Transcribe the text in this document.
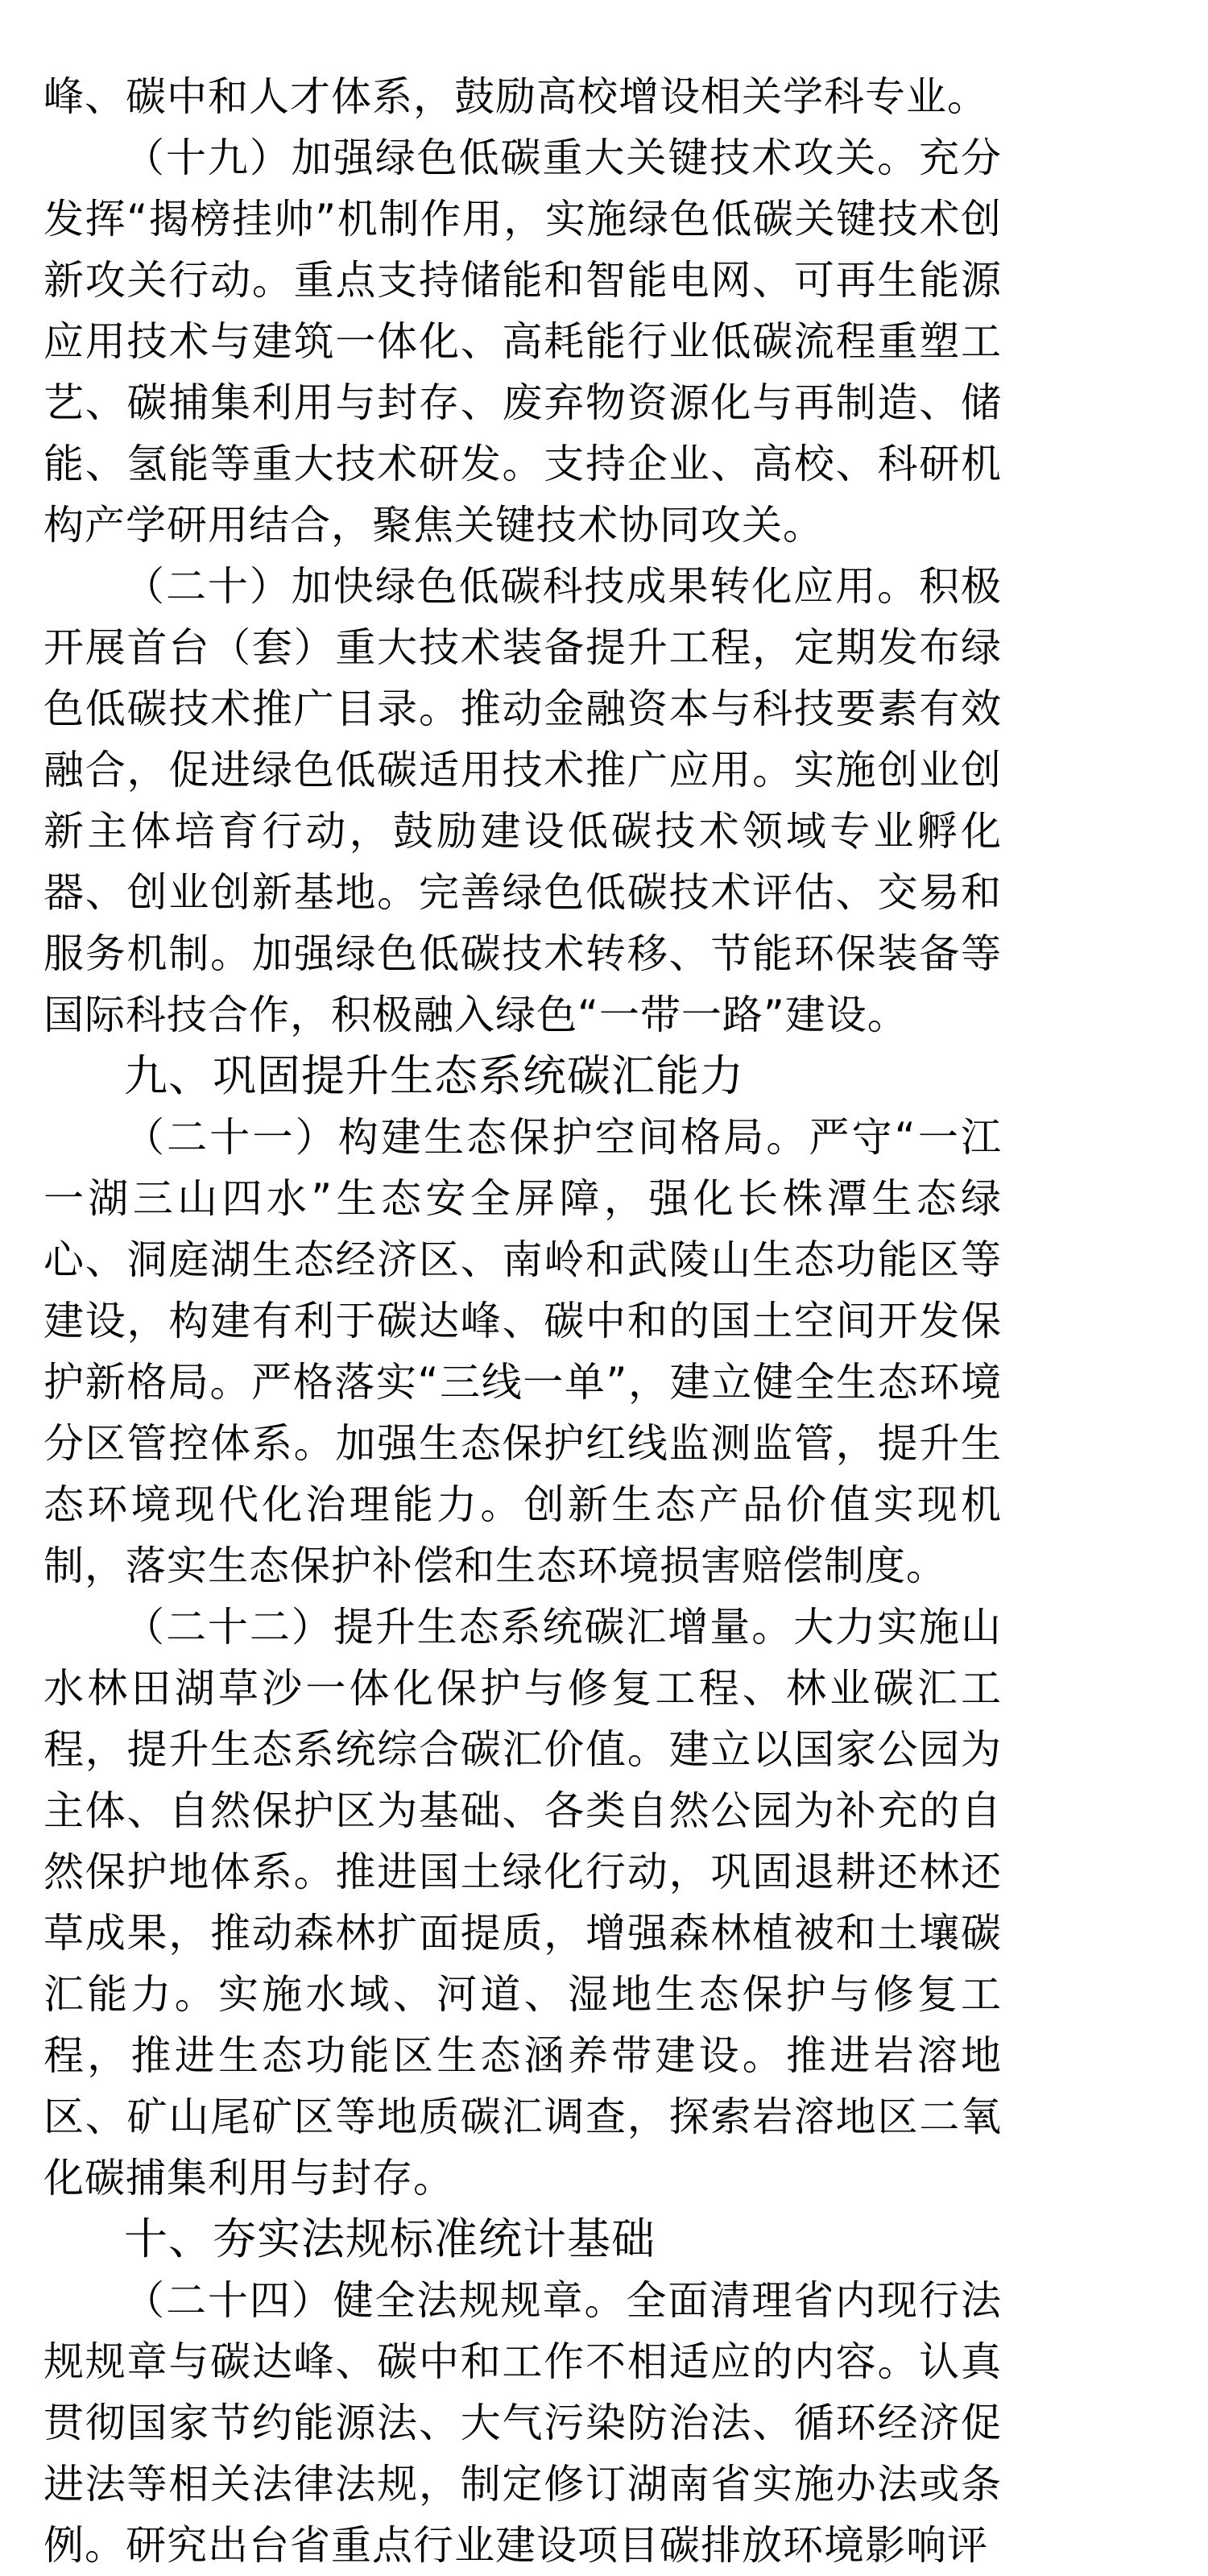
峰、碳中和人才体系，鼓励高校增设相关学科专业。

（十九）加强绿色低碳重大关键技术攻关。充分发挥“揭榜挂帅”机制作用，实施绿色低碳关键技术创新攻关行动。重点支持储能和智能电网、可再生能源应用技术与建筑一体化、高耗能行业低碳流程重塑工艺、碳捕集利用与封存、废弃物资源化与再制造、储能、氢能等重大技术研发。支持企业、高校、科研机构产学研用结合，聚焦关键技术协同攻关。

（二十）加快绿色低碳科技成果转化应用。积极开展首台（套）重大技术装备提升工程，定期发布绿色低碳技术推广目录。推动金融资本与科技要素有效融合，促进绿色低碳适用技术推广应用。实施创业创新主体培育行动，鼓励建设低碳技术领域专业孵化器、创业创新基地。完善绿色低碳技术评估、交易和服务机制。加强绿色低碳技术转移、节能环保装备等国际科技合作，积极融入绿色“一带一路”建设。

九、巩固提升生态系统碳汇能力

（二十一）构建生态保护空间格局。严守“一江一湖三山四水”生态安全屏障，强化长株潭生态绿心、洞庭湖生态经济区、南岭和武陵山生态功能区等建设，构建有利于碳达峰、碳中和的国土空间开发保护新格局。严格落实“三线一单”，建立健全生态环境分区管控体系。加强生态保护红线监测监管，提升生态环境现代化治理能力。创新生态产品价值实现机制，落实生态保护补偿和生态环境损害赔偿制度。

（二十二）提升生态系统碳汇增量。大力实施山水林田湖草沙一体化保护与修复工程、林业碳汇工程，提升生态系统综合碳汇价值。建立以国家公园为主体、自然保护区为基础、各类自然公园为补充的自然保护地体系。推进国土绿化行动，巩固退耕还林还草成果，推动森林扩面提质，增强森林植被和土壤碳汇能力。实施水域、河道、湿地生态保护与修复工程，推进生态功能区生态涵养带建设。推进岩溶地区、矿山尾矿区等地质碳汇调查，探索岩溶地区二氧化碳捕集利用与封存。

十、夯实法规标准统计基础

（二十四）健全法规规章。全面清理省内现行法规规章与碳达峰、碳中和工作不相适应的内容。认真贯彻国家节约能源法、大气污染防治法、循环经济促进法等相关法律法规，制定修订湖南省实施办法或条例。研究出台省重点行业建设项目碳排放环境影响评
